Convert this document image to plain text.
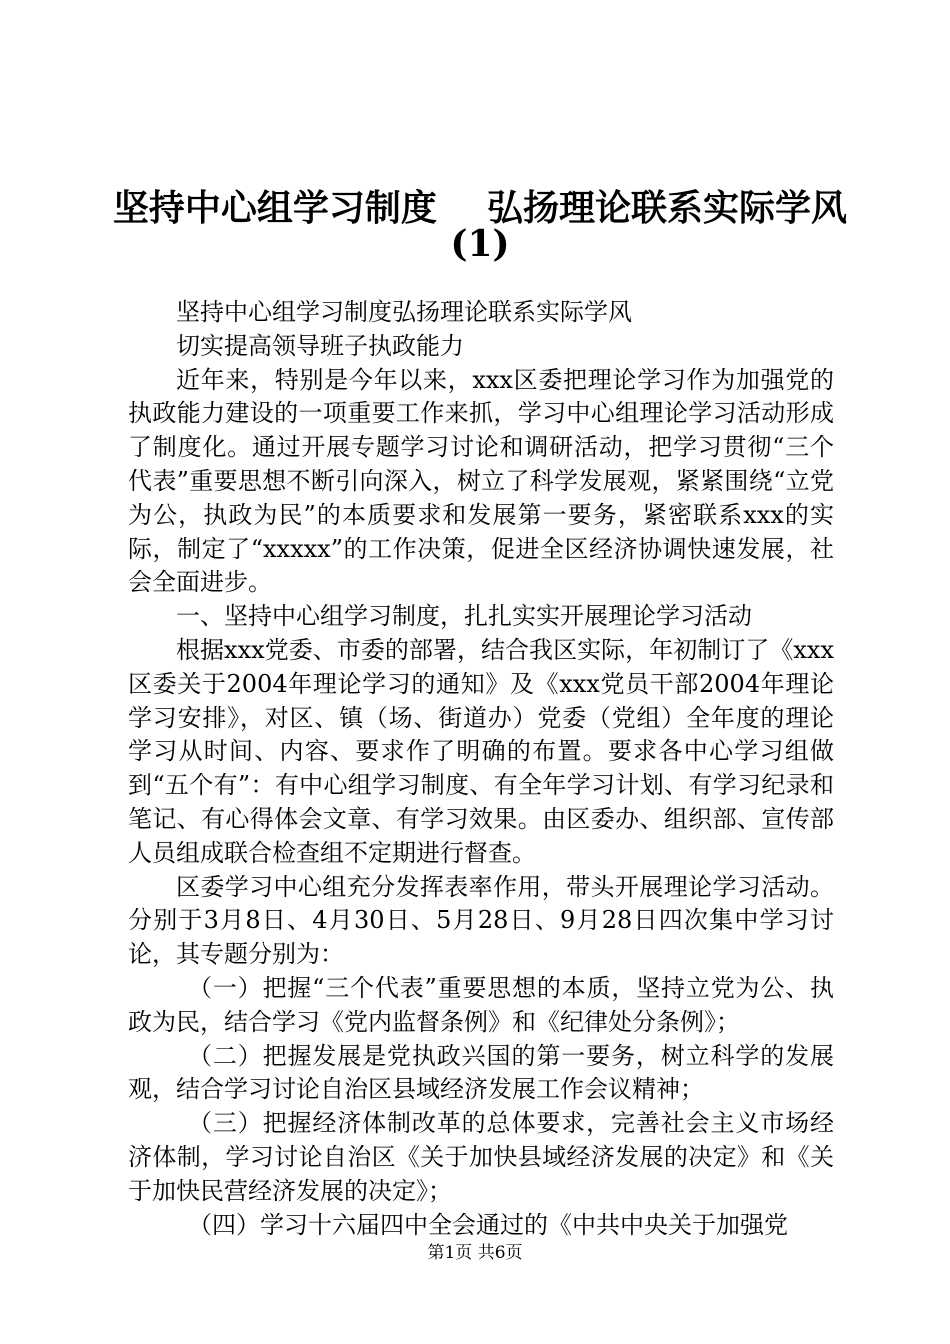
坚持中心组学习制度    弘扬理论联系实际学风
(1)

坚持中心组学习制度弘扬理论联系实际学风

切实提高领导班子执政能力

近年来，特别是今年以来，xxx区委把理论学习作为加强党的执政能力建设的一项重要工作来抓，学习中心组理论学习活动形成了制度化。通过开展专题学习讨论和调研活动，把学习贯彻“三个代表”重要思想不断引向深入，树立了科学发展观，紧紧围绕“立党为公，执政为民”的本质要求和发展第一要务，紧密联系xxx的实际，制定了“xxxxx”的工作决策，促进全区经济协调快速发展，社会全面进步。

一、坚持中心组学习制度，扎扎实实开展理论学习活动

根据xxx党委、市委的部署，结合我区实际，年初制订了《xxx区委关于2004年理论学习的通知》及《xxx党员干部2004年理论学习安排》，对区、镇（场、街道办）党委（党组）全年度的理论学习从时间、内容、要求作了明确的布置。要求各中心学习组做到“五个有”：有中心组学习制度、有全年学习计划、有学习纪录和笔记、有心得体会文章、有学习效果。由区委办、组织部、宣传部人员组成联合检查组不定期进行督查。

区委学习中心组充分发挥表率作用，带头开展理论学习活动。分别于3月8日、4月30日、5月28日、9月28日四次集中学习讨论，其专题分别为：

（一）把握“三个代表”重要思想的本质，坚持立党为公、执政为民，结合学习《党内监督条例》和《纪律处分条例》；

（二）把握发展是党执政兴国的第一要务，树立科学的发展观，结合学习讨论自治区县域经济发展工作会议精神；

（三）把握经济体制改革的总体要求，完善社会主义市场经济体制，学习讨论自治区《关于加快县域经济发展的决定》和《关于加快民营经济发展的决定》；

（四）学习十六届四中全会通过的《中共中央关于加强党

第1页 共6页
